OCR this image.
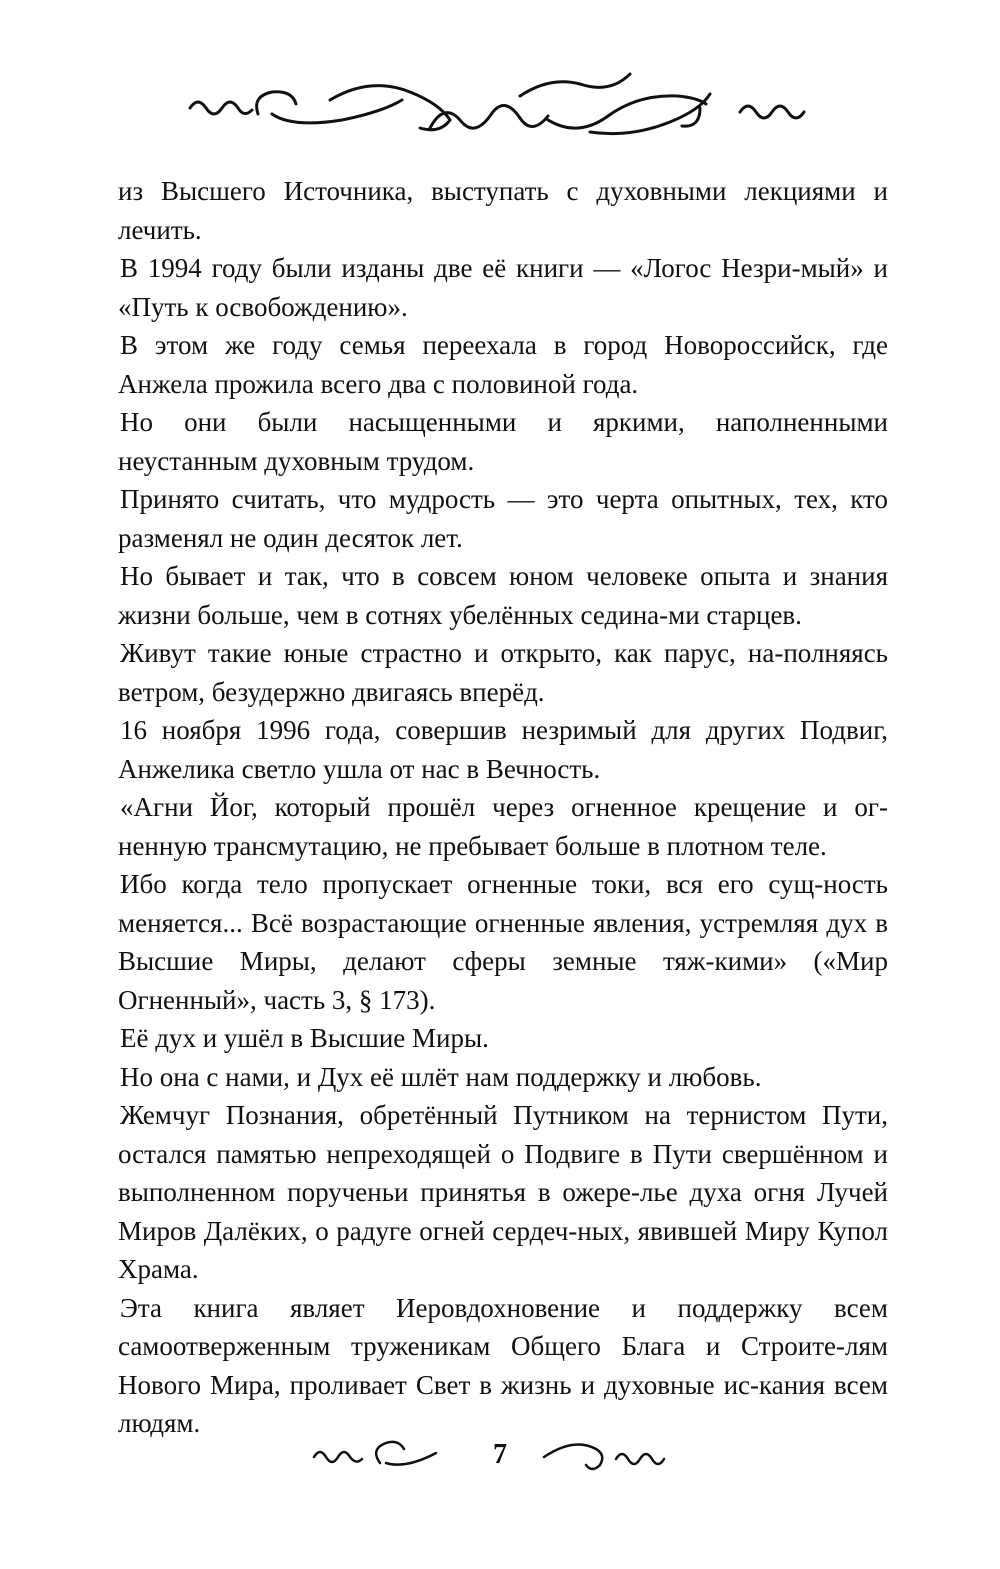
из Высшего Источника, выступать с духовными лекциями и лечить.

В 1994 году были изданы две её книги — «Логос Незри-мый» и «Путь к освобождению».

В этом же году семья переехала в город Новороссийск, где Анжела прожила всего два с половиной года.

Но они были насыщенными и яркими, наполненными неустанным духовным трудом.

Принято считать, что мудрость — это черта опытных, тех, кто разменял не один десяток лет.

Но бывает и так, что в совсем юном человеке опыта и знания жизни больше, чем в сотнях убелённых седина-ми старцев.

Живут такие юные страстно и открыто, как парус, на-полняясь ветром, безудержно двигаясь вперёд.

16 ноября 1996 года, совершив незримый для других Подвиг, Анжелика светло ушла от нас в Вечность.

«Агни Йог, который прошёл через огненное крещение и ог-ненную трансмутацию, не пребывает больше в плотном теле.

Ибо когда тело пропускает огненные токи, вся его сущ-ность меняется... Всё возрастающие огненные явления, устремляя дух в Высшие Миры, делают сферы земные тяж-кими» («Мир Огненный», часть 3, § 173).

Её дух и ушёл в Высшие Миры.

Но она с нами, и Дух её шлёт нам поддержку и любовь.

Жемчуг Познания, обретённый Путником на тернистом Пути, остался памятью непреходящей о Подвиге в Пути свершённом и выполненном порученьи принятья в ожере-лье духа огня Лучей Миров Далёких, о радуге огней сердеч-ных, явившей Миру Купол Храма.

Эта книга являет Иеровдохновение и поддержку всем самоотверженным труженикам Общего Блага и Строите-лям Нового Мира, проливает Свет в жизнь и духовные ис-кания всем людям.

7
